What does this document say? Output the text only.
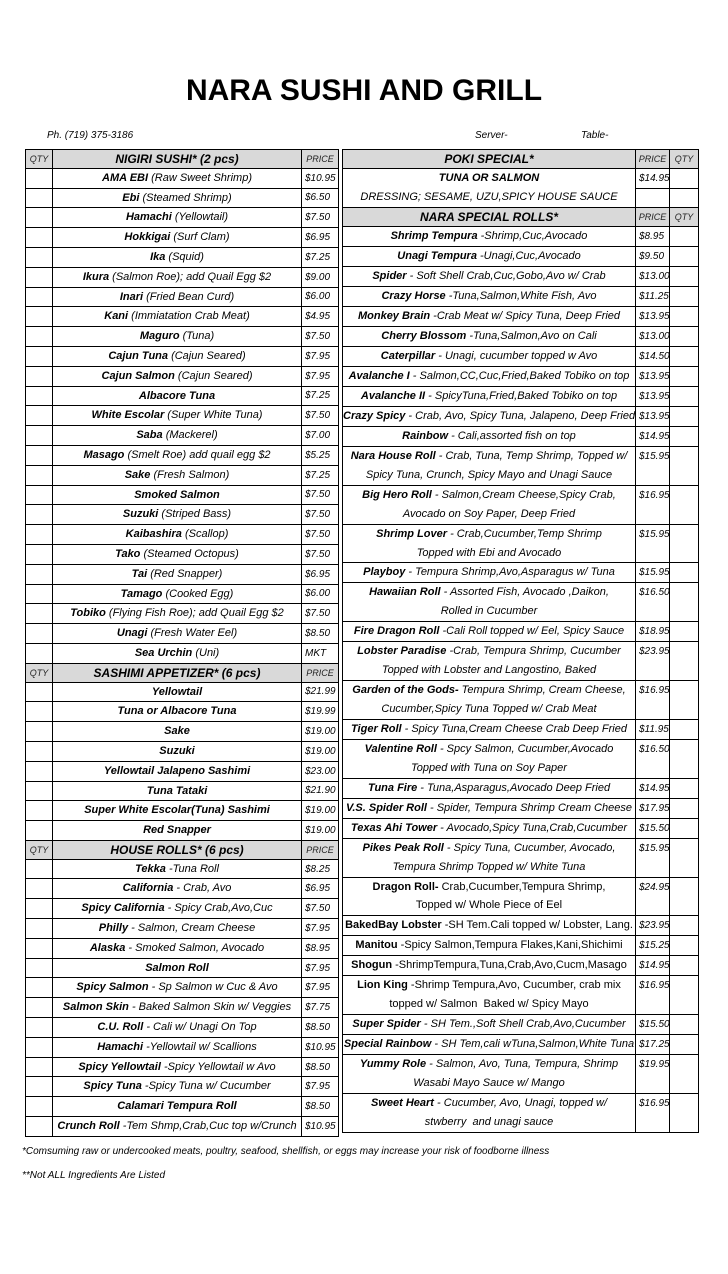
NARA SUSHI AND GRILL
Ph. (719) 375-3186	Server-	Table-
QTY	NIGIRI SUSHI* (2 pcs)	PRICE
	AMA EBI (Raw Sweet Shrimp)	$10.95
	Ebi (Steamed Shrimp)	$6.50
	Hamachi (Yellowtail)	$7.50
	Hokkigai (Surf Clam)	$6.95
	Ika (Squid)	$7.25
	Ikura (Salmon Roe); add Quail Egg $2	$9.00
	Inari (Fried Bean Curd)	$6.00
	Kani (Immiatation Crab Meat)	$4.95
	Maguro (Tuna)	$7.50
	Cajun Tuna (Cajun Seared)	$7.95
	Cajun Salmon (Cajun Seared)	$7.95
	Albacore Tuna	$7.25
	White Escolar (Super White Tuna)	$7.50
	Saba (Mackerel)	$7.00
	Masago (Smelt Roe) add quail egg $2	$5.25
	Sake (Fresh Salmon)	$7.25
	Smoked Salmon	$7.50
	Suzuki (Striped Bass)	$7.50
	Kaibashira (Scallop)	$7.50
	Tako (Steamed Octopus)	$7.50
	Tai (Red Snapper)	$6.95
	Tamago (Cooked Egg)	$6.00
	Tobiko (Flying Fish Roe); add Quail Egg $2	$7.50
	Unagi (Fresh Water Eel)	$8.50
	Sea Urchin (Uni)	MKT
QTY	SASHIMI APPETIZER* (6 pcs)	PRICE
	Yellowtail	$21.99
	Tuna or Albacore Tuna	$19.99
	Sake	$19.00
	Suzuki	$19.00
	Yellowtail Jalapeno Sashimi	$23.00
	Tuna Tataki	$21.90
	Super White Escolar(Tuna) Sashimi	$19.00
	Red Snapper	$19.00
QTY	HOUSE ROLLS* (6 pcs)	PRICE
	Tekka -Tuna Roll	$8.25
	California - Crab, Avo	$6.95
	Spicy California - Spicy Crab,Avo,Cuc	$7.50
	Philly - Salmon, Cream Cheese	$7.95
	Alaska - Smoked Salmon, Avocado	$8.95
	Salmon Roll	$7.95
	Spicy Salmon - Sp Salmon w Cuc & Avo	$7.95
	Salmon Skin - Baked Salmon Skin w/ Veggies	$7.75
	C.U. Roll - Cali w/ Unagi On Top	$8.50
	Hamachi -Yellowtail w/ Scallions	$10.95
	Spicy Yellowtail -Spicy Yellowtail w Avo	$8.50
	Spicy Tuna -Spicy Tuna w/ Cucumber	$7.95
	Calamari Tempura Roll	$8.50
	Crunch Roll -Tem Shmp,Crab,Cuc top w/Crunch	$10.95
POKI SPECIAL*	PRICE	QTY

TUNA OR SALMON
DRESSING; SESAME, UZU,SPICY HOUSE SAUCE	$14.95	

NARA SPECIAL ROLLS*	PRICE	QTY

Shrimp Tempura -Shrimp,Cuc,Avocado	$8.95	

Unagi Tempura -Unagi,Cuc,Avocado	$9.50	

Spider - Soft Shell Crab,Cuc,Gobo,Avo w/ Crab	$13.00	

Crazy Horse -Tuna,Salmon,White Fish, Avo	$11.25	

Monkey Brain -Crab Meat w/ Spicy Tuna, Deep Fried	$13.95	

Cherry Blossom -Tuna,Salmon,Avo on Cali	$13.00	

Caterpillar - Unagi, cucumber topped w Avo	$14.50	

Avalanche I - Salmon,CC,Cuc,Fried,Baked Tobiko on top	$13.95	

Avalanche II - SpicyTuna,Fried,Baked Tobiko on top	$13.95	

Crazy Spicy - Crab, Avo, Spicy Tuna, Jalapeno, Deep Fried	$13.95	

Rainbow - Cali,assorted fish on top	$14.95	

Nara House Roll - Crab, Tuna, Temp Shrimp, Topped w/
Spicy Tuna, Crunch, Spicy Mayo and Unagi Sauce	$15.95	

Big Hero Roll - Salmon,Cream Cheese,Spicy Crab,
Avocado on Soy Paper, Deep Fried	$16.95	

Shrimp Lover - Crab,Cucumber,Temp Shrimp
Topped with Ebi and Avocado	$15.95	

Playboy - Tempura Shrimp,Avo,Asparagus w/ Tuna	$15.95	

Hawaiian Roll - Assorted Fish, Avocado ,Daikon,
Rolled in Cucumber	$16.50	

Fire Dragon Roll -Cali Roll topped w/ Eel, Spicy Sauce	$18.95	

Lobster Paradise -Crab, Tempura Shrimp, Cucumber
Topped with Lobster and Langostino, Baked	$23.95	

Garden of the Gods- Tempura Shrimp, Cream Cheese,
Cucumber,Spicy Tuna Topped w/ Crab Meat	$16.95	

Tiger Roll - Spicy Tuna,Cream Cheese Crab Deep Fried	$11.95	

Valentine Roll - Spcy Salmon, Cucumber,Avocado
Topped with Tuna on Soy Paper	$16.50	

Tuna Fire - Tuna,Asparagus,Avocado Deep Fried	$14.95	

V.S. Spider Roll - Spider, Tempura Shrimp Cream Cheese	$17.95	

Texas Ahi Tower - Avocado,Spicy Tuna,Crab,Cucumber	$15.50	

Pikes Peak Roll - Spicy Tuna, Cucumber, Avocado,
Tempura Shrimp Topped w/ White Tuna	$15.95	

Dragon Roll- Crab,Cucumber,Tempura Shrimp,
Topped w/ Whole Piece of Eel	$24.95	

BakedBay Lobster -SH Tem.Cali topped w/ Lobster, Lang.	$23.95	

Manitou -Spicy Salmon,Tempura Flakes,Kani,Shichimi	$15.25	

Shogun -ShrimpTempura,Tuna,Crab,Avo,Cucm,Masago	$14.95	

Lion King -Shrimp Tempura,Avo, Cucumber, crab mix
topped w/ Salmon  Baked w/ Spicy Mayo	$16.95	

Super Spider - SH Tem.,Soft Shell Crab,Avo,Cucumber	$15.50	

Special Rainbow - SH Tem,cali wTuna,Salmon,White Tuna	$17.25	

Yummy Role - Salmon, Avo, Tuna, Tempura, Shrimp
Wasabi Mayo Sauce w/ Mango	$19.95	

Sweet Heart - Cucumber, Avo, Unagi, topped w/
stwberry  and unagi sauce	$16.95	
*Comsuming raw or undercooked meats, poultry, seafood, shellfish, or eggs may increase your risk of foodborne illness
**Not ALL Ingredients Are Listed
